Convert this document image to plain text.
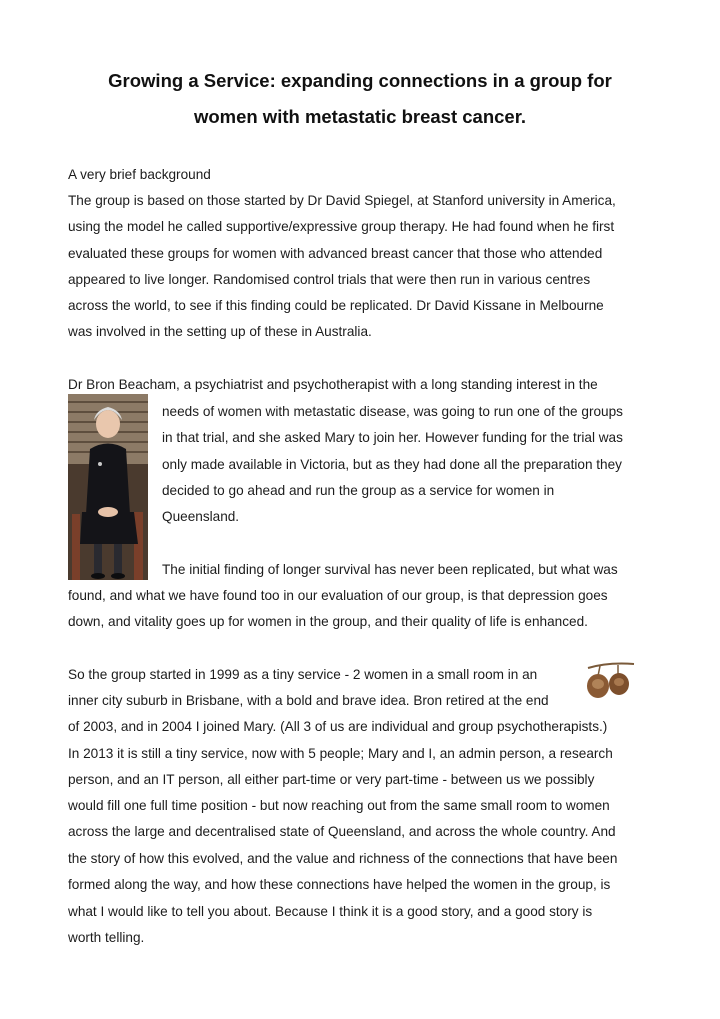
Growing a Service: expanding connections in a group for
women with metastatic breast cancer.
A very brief background
The group is based on those started by Dr David Spiegel, at Stanford university in America,
using the model he called supportive/expressive group therapy. He had found when he first
evaluated these groups for women with advanced breast cancer that those who attended
appeared to live longer. Randomised control trials that were then run in various centres
across the world, to see if this finding could be replicated. Dr David Kissane in Melbourne
was involved in the setting up of these in Australia.
Dr Bron Beacham, a psychiatrist and psychotherapist with a long standing interest in the
needs of women with metastatic disease, was going to run one of the groups
in that trial, and she asked Mary to join her. However funding for the trial was
only made available in Victoria, but as they had done all the preparation they
decided to go ahead and run the group as a service for women in
Queensland.
The initial finding of longer survival has never been replicated, but what was
found, and what we have found too in our evaluation of our group, is that depression goes
down, and vitality goes up for women in the group, and their quality of life is enhanced.
So the group started in 1999 as a tiny service - 2 women in a small room in an
inner city suburb in Brisbane, with a bold and brave idea. Bron retired at the end
of 2003, and in 2004 I joined Mary. (All 3 of us are individual and group psychotherapists.)
In 2013 it is still a tiny service, now with 5 people; Mary and I, an admin person, a research
person, and an IT person, all either part-time or very part-time - between us we possibly
would fill one full time position - but now reaching out from the same small room to women
across the large and decentralised state of Queensland, and across the whole country. And
the story of how this evolved, and the value and richness of the connections that have been
formed along the way, and how these connections have helped the women in the group, is
what I would like to tell you about. Because I think it is a good story, and a good story is
worth telling.
